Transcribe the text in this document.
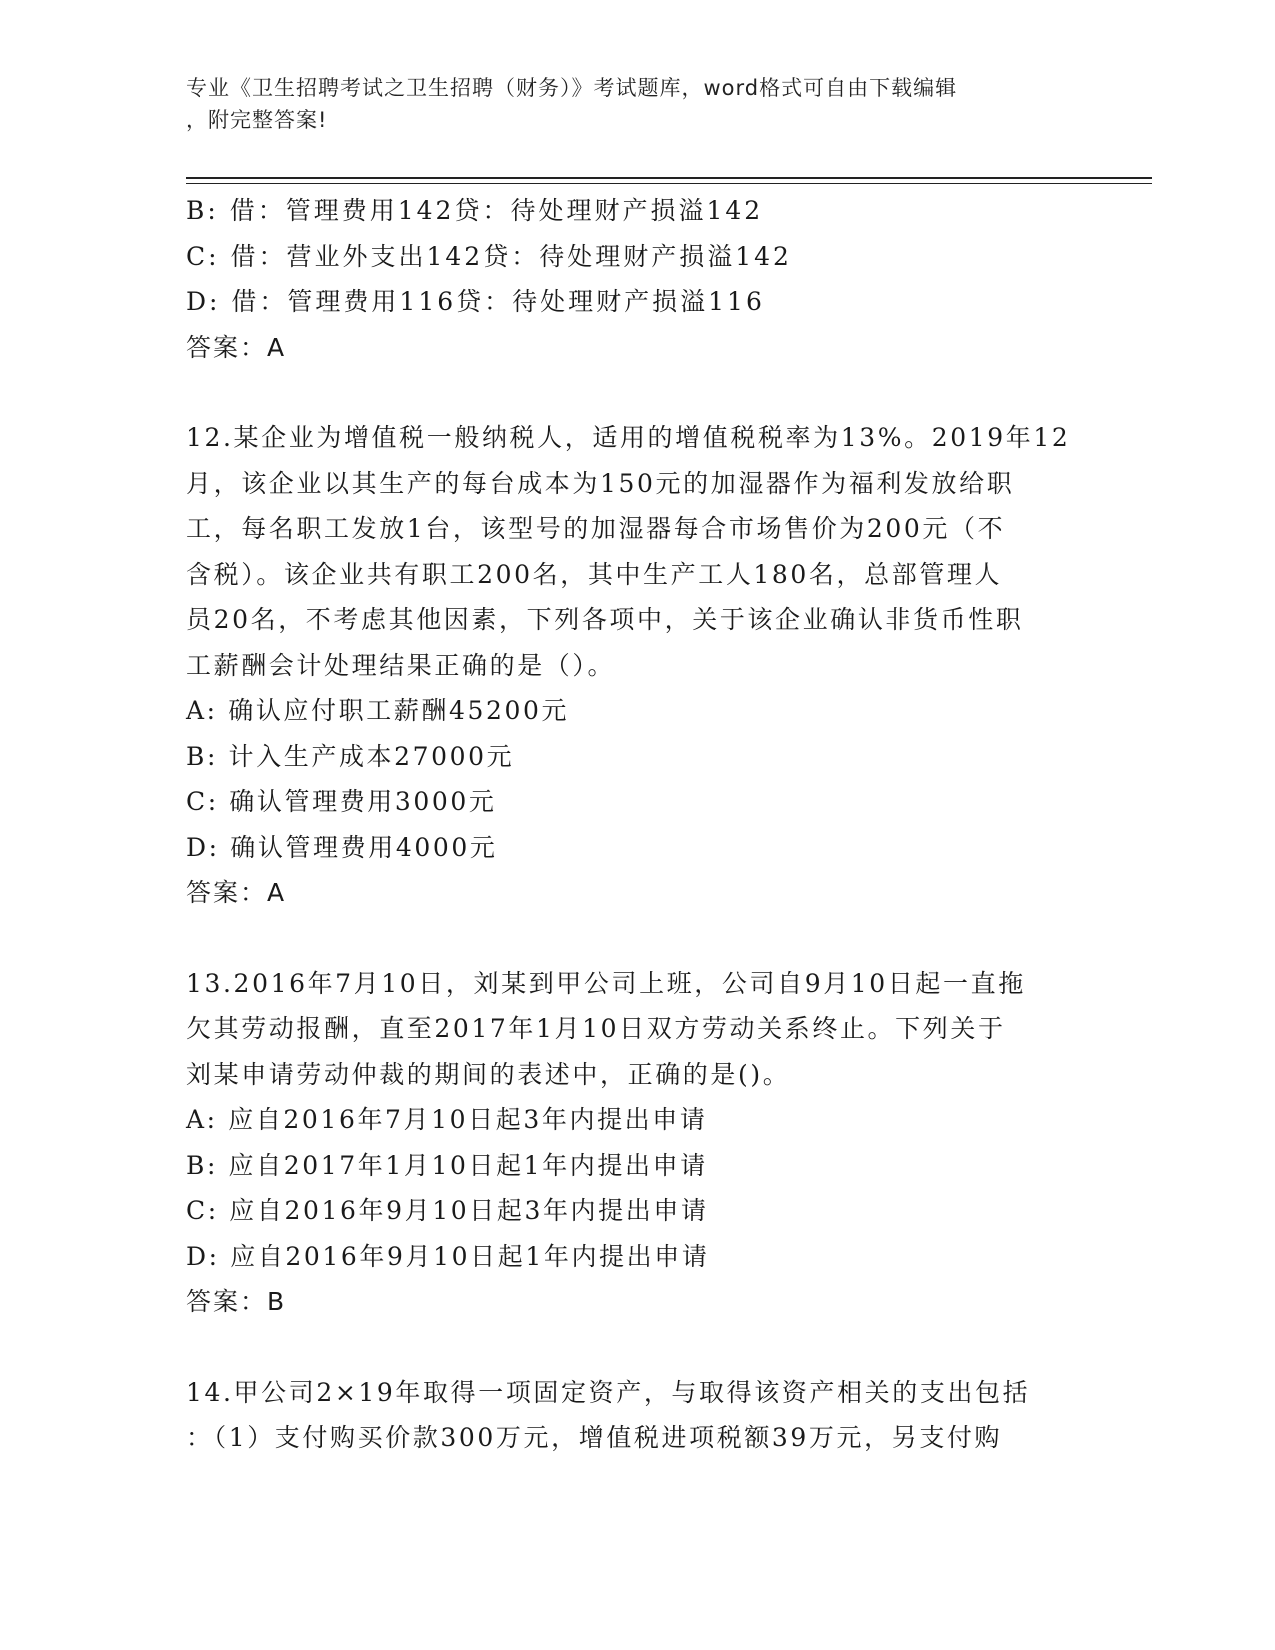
专业《卫生招聘考试之卫生招聘（财务）》考试题库，word格式可自由下载编辑
，附完整答案!
B: 借：管理费用142贷：待处理财产损溢142
C: 借：营业外支出142贷：待处理财产损溢142
D: 借：管理费用116贷：待处理财产损溢116
答案：A
12.某企业为增值税一般纳税人，适用的增值税税率为13%。2019年12
月，该企业以其生产的每台成本为150元的加湿器作为福利发放给职
工，每名职工发放1台，该型号的加湿器每合市场售价为200元（不
含税）。该企业共有职工200名，其中生产工人180名，总部管理人
员20名，不考虑其他因素，下列各项中，关于该企业确认非货币性职
工薪酬会计处理结果正确的是（）。
A: 确认应付职工薪酬45200元
B: 计入生产成本27000元
C: 确认管理费用3000元
D: 确认管理费用4000元
答案：A
13.2016年7月10日，刘某到甲公司上班，公司自9月10日起一直拖
欠其劳动报酬，直至2017年1月10日双方劳动关系终止。下列关于
刘某申请劳动仲裁的期间的表述中，正确的是()。
A: 应自2016年7月10日起3年内提出申请
B: 应自2017年1月10日起1年内提出申请
C: 应自2016年9月10日起3年内提出申请
D: 应自2016年9月10日起1年内提出申请
答案：B
14.甲公司2×19年取得一项固定资产，与取得该资产相关的支出包括
：（1）支付购买价款300万元，增值税进项税额39万元，另支付购
